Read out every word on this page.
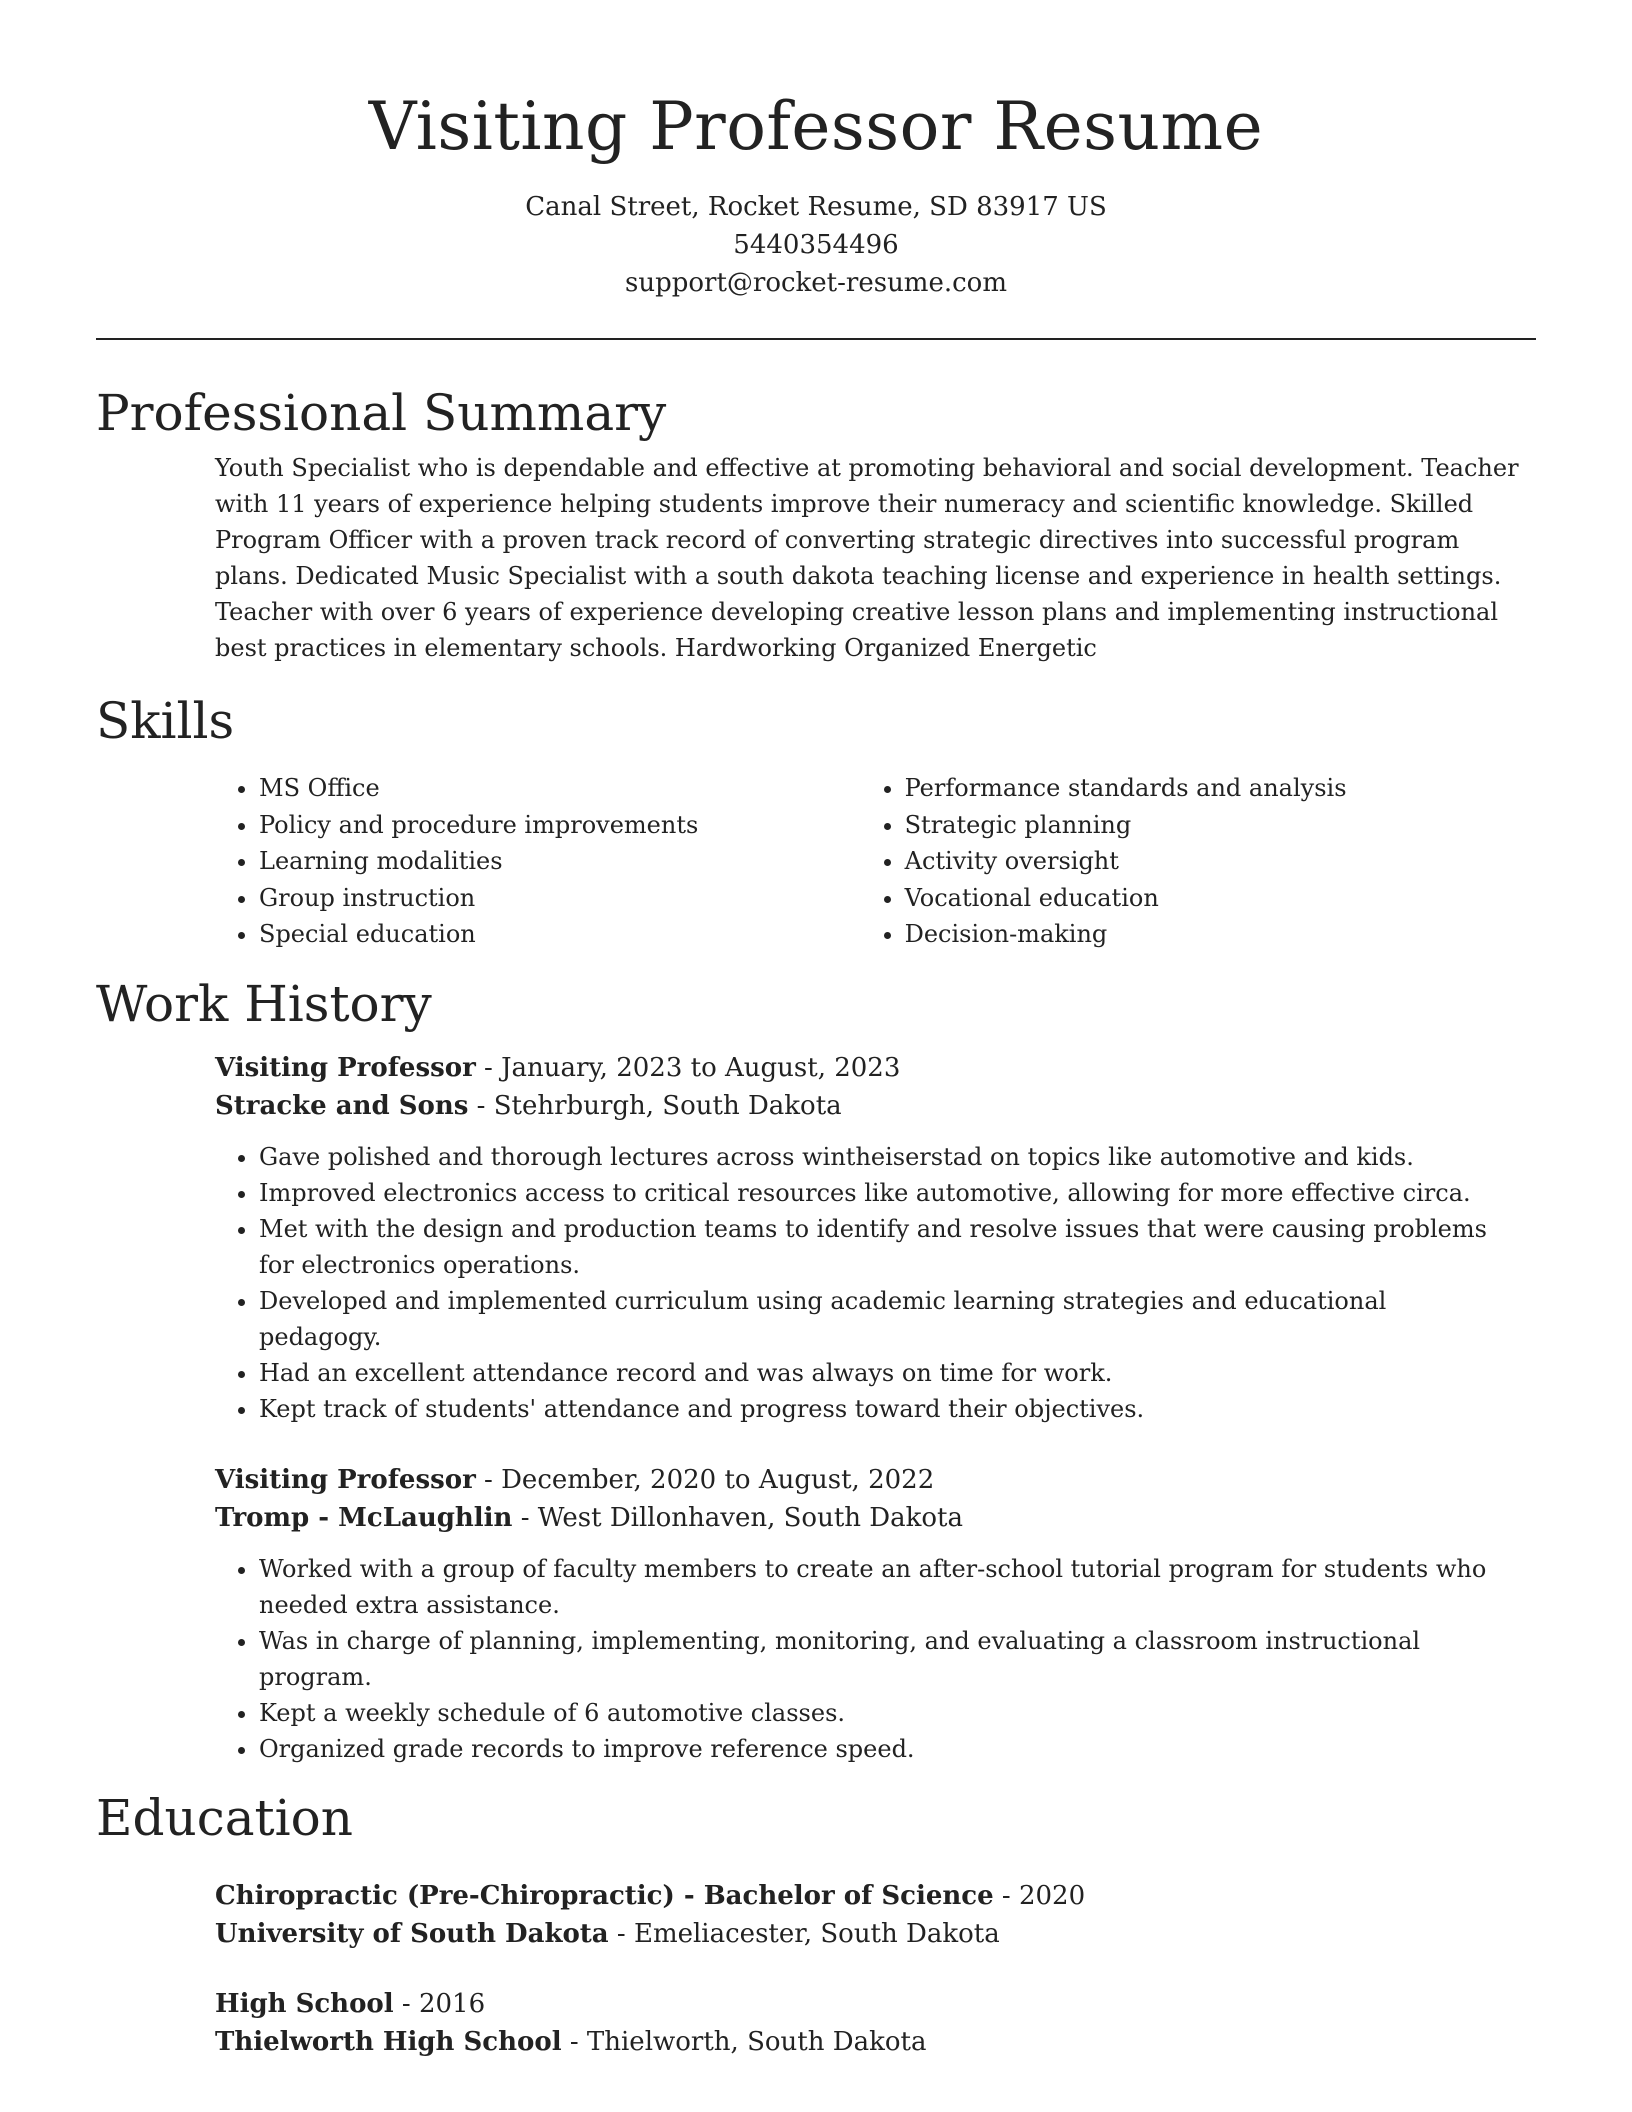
Visiting Professor Resume
Canal Street, Rocket Resume, SD 83917 US
5440354496
support@rocket-resume.com
Professional Summary

Youth Specialist who is dependable and effective at promoting behavioral and social development. Teacher with 11 years of experience helping students improve their numeracy and scientific knowledge. Skilled Program Officer with a proven track record of converting strategic directives into successful program plans. Dedicated Music Specialist with a south dakota teaching license and experience in health settings. Teacher with over 6 years of experience developing creative lesson plans and implementing instructional best practices in elementary schools. Hardworking Organized Energetic

Skills
• MS Office
• Policy and procedure improvements
• Learning modalities
• Group instruction
• Special education
• Performance standards and analysis
• Strategic planning
• Activity oversight
• Vocational education
• Decision-making
Work History
Visiting Professor - January, 2023 to August, 2023
Stracke and Sons - Stehrburgh, South Dakota
• Gave polished and thorough lectures across wintheiserstad on topics like automotive and kids.
• Improved electronics access to critical resources like automotive, allowing for more effective circa.
• Met with the design and production teams to identify and resolve issues that were causing problems for electronics operations.
• Developed and implemented curriculum using academic learning strategies and educational pedagogy.
• Had an excellent attendance record and was always on time for work.
• Kept track of students' attendance and progress toward their objectives.
Visiting Professor - December, 2020 to August, 2022
Tromp - McLaughlin - West Dillonhaven, South Dakota
• Worked with a group of faculty members to create an after-school tutorial program for students who needed extra assistance.
• Was in charge of planning, implementing, monitoring, and evaluating a classroom instructional program.
• Kept a weekly schedule of 6 automotive classes.
• Organized grade records to improve reference speed.
Education
Chiropractic (Pre-Chiropractic) - Bachelor of Science - 2020
University of South Dakota - Emeliacester, South Dakota
High School - 2016
Thielworth High School - Thielworth, South Dakota
